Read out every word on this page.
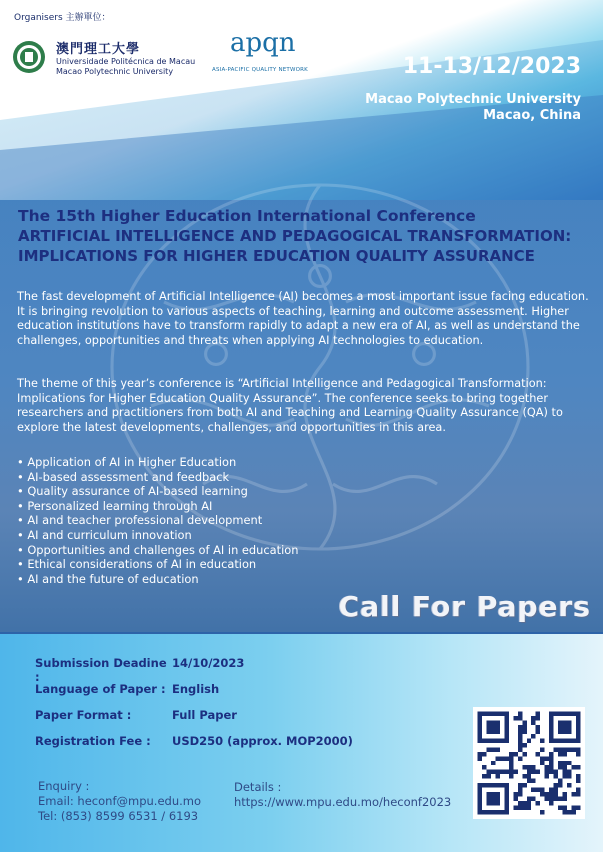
Organisers 主辦單位：
澳門理工大學
Universidade Politécnica de Macau
Macao Polytechnic University
apqn
ASIA-PACIFIC QUALITY NETWORK	11-13/12/2023
Macao Polytechnic University
Macao, China
The 15th Higher Education International Conference
ARTIFICIAL INTELLIGENCE AND PEDAGOGICAL TRANSFORMATION:
IMPLICATIONS FOR HIGHER EDUCATION QUALITY ASSURANCE
The fast development of Artificial Intelligence (AI) becomes a most important issue facing education. It is bringing revolution to various aspects of teaching, learning and outcome assessment. Higher education institutions have to transform rapidly to adapt a new era of AI, as well as understand the challenges, opportunities and threats when applying AI technologies to education.
The theme of this year’s conference is “Artificial Intelligence and Pedagogical Transformation: Implications for Higher Education Quality Assurance”. The conference seeks to bring together researchers and practitioners from both AI and Teaching and Learning Quality Assurance (QA) to explore the latest developments, challenges, and opportunities in this area.
• Application of AI in Higher Education
• AI-based assessment and feedback
• Quality assurance of AI-based learning
• Personalized learning through AI
• AI and teacher professional development
• AI and curriculum innovation
• Opportunities and challenges of AI in education
• Ethical considerations of AI in education
• AI and the future of education
Call For Papers
Submission Deadine :
14/10/2023
Language of Paper : English
Paper Format :	Full Paper
Registration Fee :	USD250 (approx. MOP2000)
Enquiry :
Email: heconf@mpu.edu.mo
Tel: (853) 8599 6531 / 6193
Details :
https://www.mpu.edu.mo/heconf2023
